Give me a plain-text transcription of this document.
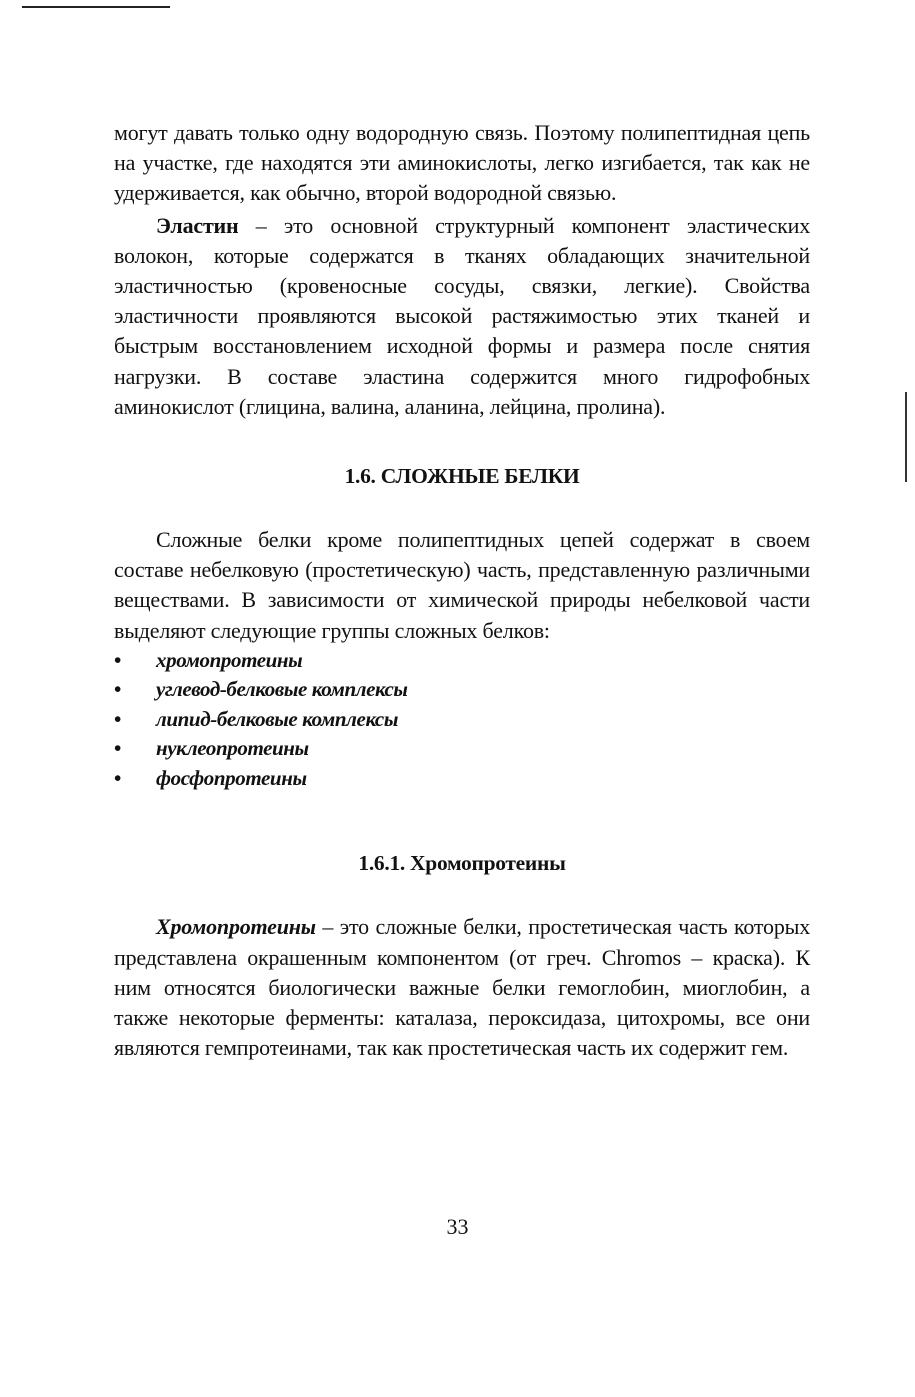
могут давать только одну водородную связь. Поэтому полипептидная цепь на участке, где находятся эти аминокислоты, легко изгибается, так как не удерживается, как обычно, второй водородной связью.

Эластин – это основной структурный компонент эластических волокон, которые содержатся в тканях обладающих значительной эластичностью (кровеносные сосуды, связки, легкие). Свойства эластичности проявляются высокой растяжимостью этих тканей и быстрым восстановлением исходной формы и размера после снятия нагрузки. В составе эластина содержится много гидрофобных аминокислот (глицина, валина, аланина, лейцина, пролина).

1.6. СЛОЖНЫЕ БЕЛКИ

Сложные белки кроме полипептидных цепей содержат в своем составе небелковую (простетическую) часть, представленную различными веществами. В зависимости от химической природы небелковой части выделяют следующие группы сложных белков:

• хромопротеины
• углевод-белковые комплексы
• липид-белковые комплексы
• нуклеопротеины
• фосфопротеины
1.6.1. Хромопротеины

Хромопротеины – это сложные белки, простетическая часть которых представлена окрашенным компонентом (от греч. Chromos – краска). К ним относятся биологически важные белки гемоглобин, миоглобин, а также некоторые ферменты: каталаза, пероксидаза, цитохромы, все они являются гемпротеинами, так как простетическая часть их содержит гем.

33
